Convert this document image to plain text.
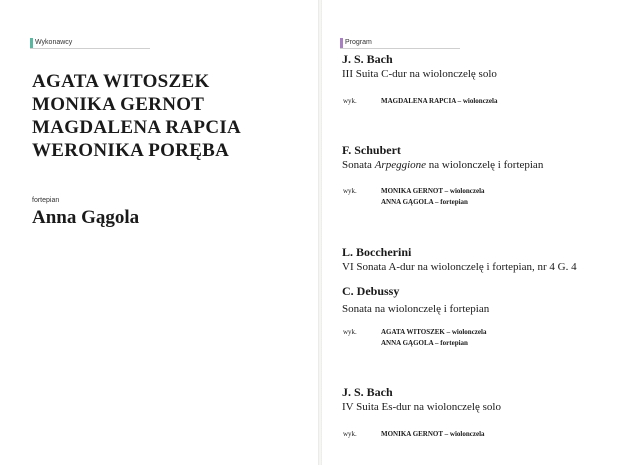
Wykonawcy
AGATA WITOSZEK
MONIKA GERNOT
MAGDALENA RAPCIA
WERONIKA PORĘBA
fortepian
Anna Gągola
Program
J. S. Bach
III Suita C-dur na wiolonczelę solo
wyk.	MAGDALENA RAPCIA – wiolonczela
F. Schubert
Sonata Arpeggione na wiolonczelę i fortepian
wyk.	MONIKA GERNOT – wiolonczela
ANNA GĄGOLA – fortepian
L. Boccherini
VI Sonata A-dur na wiolonczelę i fortepian, nr 4 G. 4
C. Debussy
Sonata na wiolonczelę i fortepian
wyk.	AGATA WITOSZEK – wiolonczela
ANNA GĄGOLA – fortepian
J. S. Bach
IV Suita Es-dur na wiolonczelę solo
wyk.	MONIKA GERNOT – wiolonczela
